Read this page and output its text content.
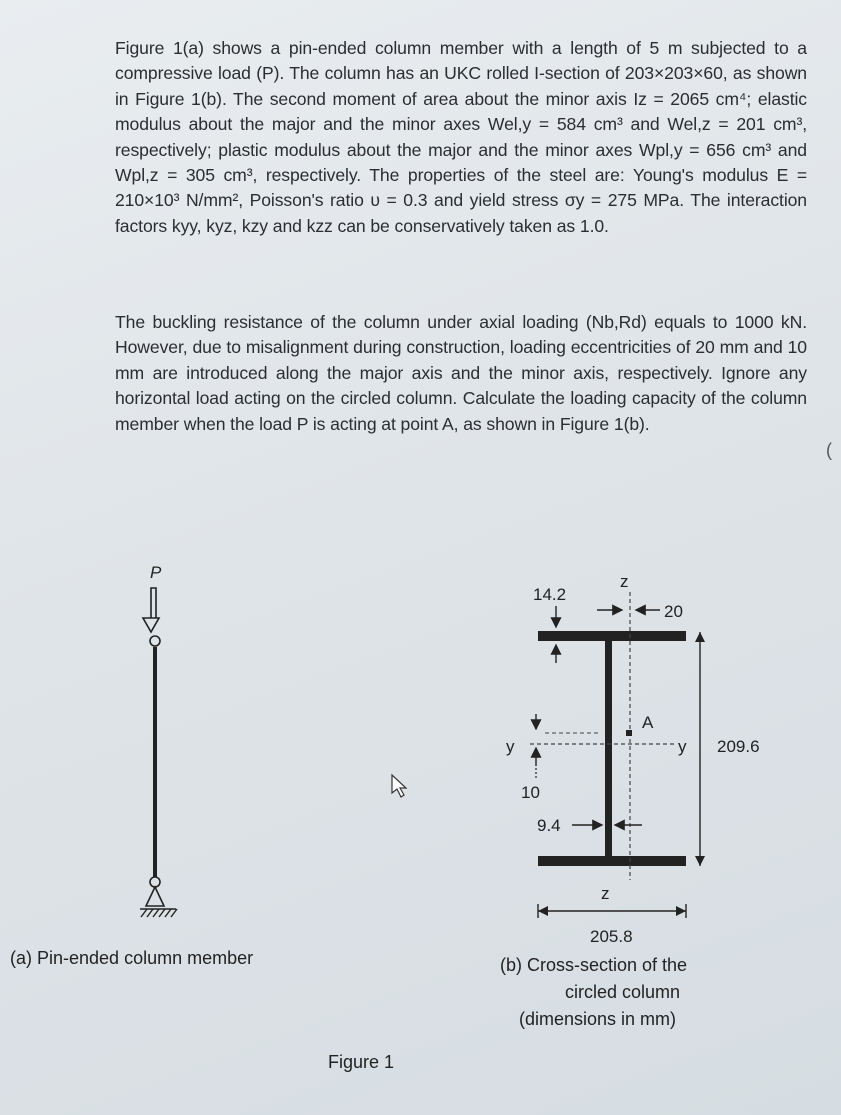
Figure 1(a) shows a pin-ended column member with a length of 5 m subjected to a compressive load (P). The column has an UKC rolled I-section of 203×203×60, as shown in Figure 1(b). The second moment of area about the minor axis Iz = 2065 cm⁴; elastic modulus about the major and the minor axes Wel,y = 584 cm³ and Wel,z = 201 cm³, respectively; plastic modulus about the major and the minor axes Wpl,y = 656 cm³ and Wpl,z = 305 cm³, respectively. The properties of the steel are: Young's modulus E = 210×10³ N/mm², Poisson's ratio υ = 0.3 and yield stress σy = 275 MPa. The interaction factors kyy, kyz, kzy and kzz can be conservatively taken as 1.0.

The buckling resistance of the column under axial loading (Nb,Rd) equals to 1000 kN. However, due to misalignment during construction, loading eccentricities of 20 mm and 10 mm are introduced along the major axis and the minor axis, respectively. Ignore any horizontal load acting on the circled column. Calculate the loading capacity of the column member when the load P is acting at point A, as shown in Figure 1(b).

(
P
A
z
z
y	y
14.2
20
10
9.4
209.6
205.8
(a) Pin-ended column member	(b) Cross-section of the
circled column
(dimensions in mm)
Figure 1
